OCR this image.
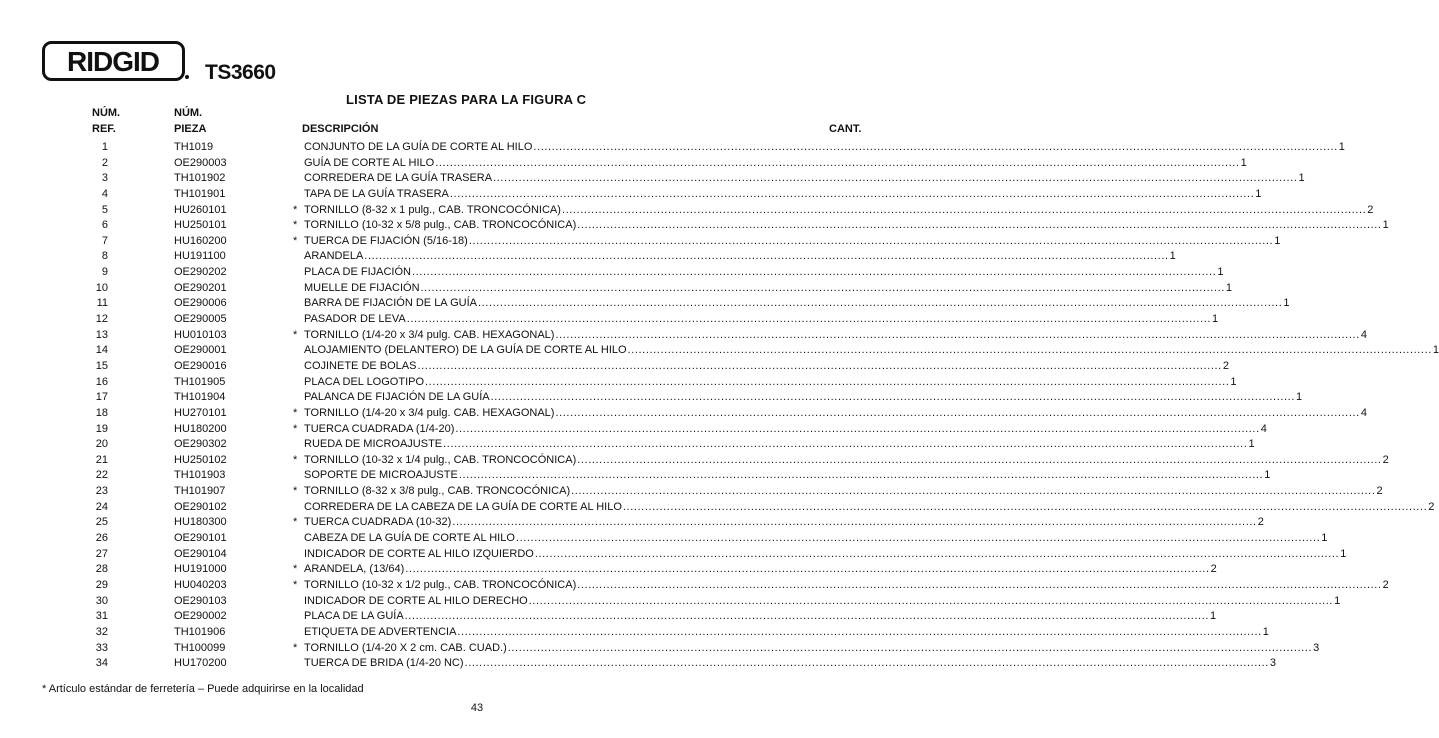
RIDGID TS3660
LISTA DE PIEZAS PARA LA FIGURA C
NÚM.	NÚM.
REF.	PIEZA	DESCRIPCIÓN	CANT.
1	TH1019	CONJUNTO DE LA GUÍA DE CORTE AL HILO ............................................................................................................................................................................................................................ 1
2	OE290003	GUÍA DE CORTE AL HILO ............................................................................................................................................................................................................................ 1
3	TH101902	CORREDERA DE LA GUÍA TRASERA ............................................................................................................................................................................................................................ 1
4	TH101901	TAPA DE LA GUÍA TRASERA ............................................................................................................................................................................................................................ 1
5	HU260101	* TORNILLO (8-32 x 1 pulg., CAB. TRONCOCÓNICA) ............................................................................................................................................................................................................................ 2
6	HU250101	* TORNILLO (10-32 x 5/8 pulg., CAB. TRONCOCÓNICA) ............................................................................................................................................................................................................................ 1
7	HU160200	* TUERCA DE FIJACIÓN (5/16-18) ............................................................................................................................................................................................................................ 1
8	HU191100	ARANDELA ............................................................................................................................................................................................................................ 1
9	OE290202	PLACA DE FIJACIÓN ............................................................................................................................................................................................................................ 1
10	OE290201	MUELLE DE FIJACIÓN ............................................................................................................................................................................................................................ 1
11	OE290006	BARRA DE FIJACIÓN DE LA GUÍA ............................................................................................................................................................................................................................ 1
12	OE290005	PASADOR DE LEVA ............................................................................................................................................................................................................................ 1
13	HU010103	* TORNILLO (1/4-20 x 3/4 pulg. CAB. HEXAGONAL) ............................................................................................................................................................................................................................ 4
14	OE290001	ALOJAMIENTO (DELANTERO) DE LA GUÍA DE CORTE AL HILO ............................................................................................................................................................................................................................ 1
15	OE290016	COJINETE DE BOLAS ............................................................................................................................................................................................................................ 2
16	TH101905	PLACA DEL LOGOTIPO ............................................................................................................................................................................................................................ 1
17	TH101904	PALANCA DE FIJACIÓN DE LA GUÍA ............................................................................................................................................................................................................................ 1
18	HU270101	* TORNILLO (1/4-20 x 3/4 pulg. CAB. HEXAGONAL) ............................................................................................................................................................................................................................ 4
19	HU180200	* TUERCA CUADRADA (1/4-20) ............................................................................................................................................................................................................................ 4
20	OE290302	RUEDA DE MICROAJUSTE ............................................................................................................................................................................................................................ 1
21	HU250102	* TORNILLO (10-32 x 1/4 pulg., CAB. TRONCOCÓNICA) ............................................................................................................................................................................................................................ 2
22	TH101903	SOPORTE DE MICROAJUSTE ............................................................................................................................................................................................................................ 1
23	TH101907	* TORNILLO (8-32 x 3/8 pulg., CAB. TRONCOCÓNICA) ............................................................................................................................................................................................................................ 2
24	OE290102	CORREDERA DE LA CABEZA DE LA GUÍA DE CORTE AL HILO ............................................................................................................................................................................................................................ 2
25	HU180300	* TUERCA CUADRADA (10-32) ............................................................................................................................................................................................................................ 2
26	OE290101	CABEZA DE LA GUÍA DE CORTE AL HILO ............................................................................................................................................................................................................................ 1
27	OE290104	INDICADOR DE CORTE AL HILO IZQUIERDO ............................................................................................................................................................................................................................ 1
28	HU191000	* ARANDELA, (13/64) ............................................................................................................................................................................................................................ 2
29	HU040203	* TORNILLO (10-32 x 1/2 pulg., CAB. TRONCOCÓNICA) ............................................................................................................................................................................................................................ 2
30	OE290103	INDICADOR DE CORTE AL HILO DERECHO ............................................................................................................................................................................................................................ 1
31	OE290002	PLACA DE LA GUÍA ............................................................................................................................................................................................................................ 1
32	TH101906	ETIQUETA DE ADVERTENCIA ............................................................................................................................................................................................................................ 1
33	TH100099	* TORNILLO (1/4-20 X 2 cm. CAB. CUAD.) ............................................................................................................................................................................................................................ 3
34	HU170200	TUERCA DE BRIDA (1/4-20 NC) ............................................................................................................................................................................................................................ 3
* Artículo estándar de ferretería – Puede adquirirse en la localidad
43
